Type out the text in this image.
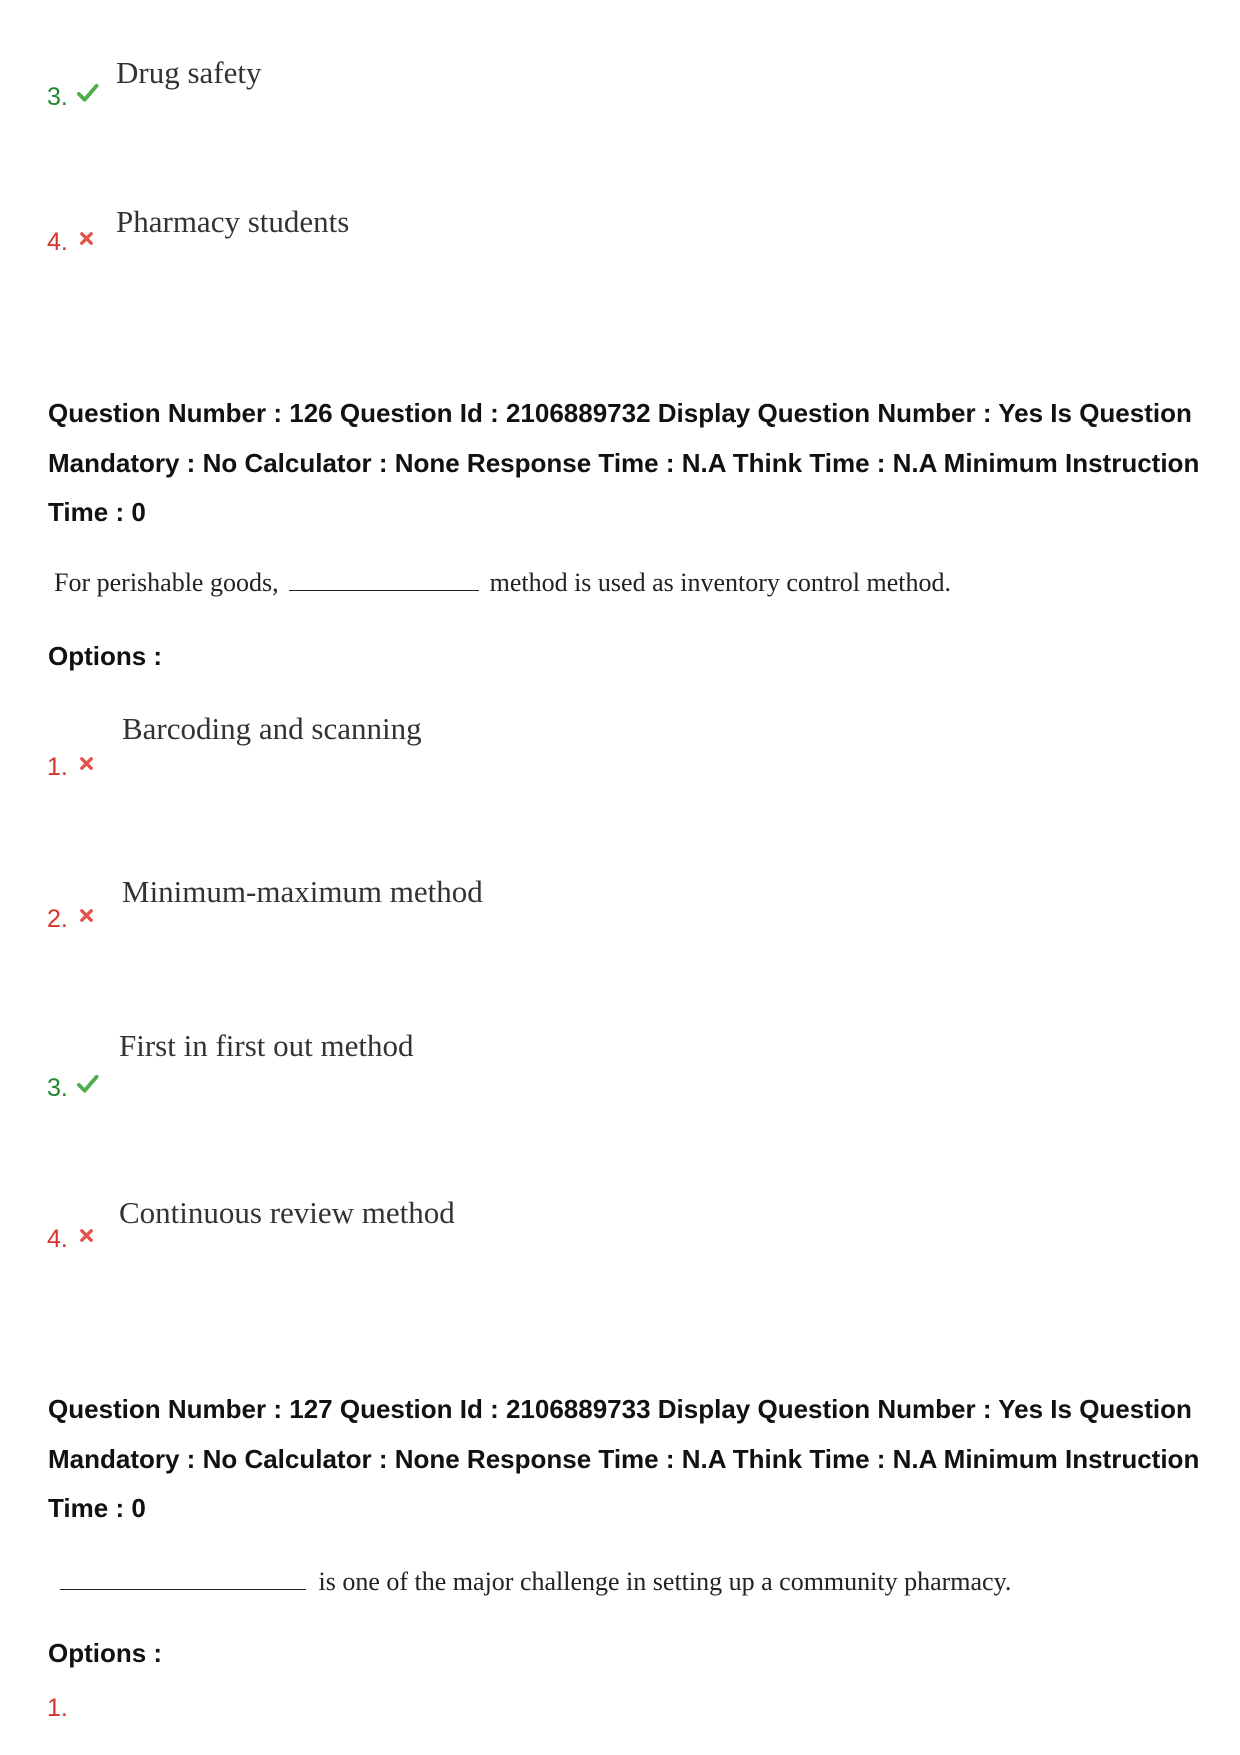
Drug safety
3.
Pharmacy students
4.
Question Number : 126 Question Id : 2106889732 Display Question Number : Yes Is Question
Mandatory : No Calculator : None Response Time : N.A Think Time : N.A Minimum Instruction
Time : 0
For perishable goods,	method is used as inventory control method.
Options :
Barcoding and scanning
1.
Minimum-maximum method
2.
First in first out method
3.
Continuous review method
4.
Question Number : 127 Question Id : 2106889733 Display Question Number : Yes Is Question
Mandatory : No Calculator : None Response Time : N.A Think Time : N.A Minimum Instruction
Time : 0
is one of the major challenge in setting up a community pharmacy.
Options :
1.
